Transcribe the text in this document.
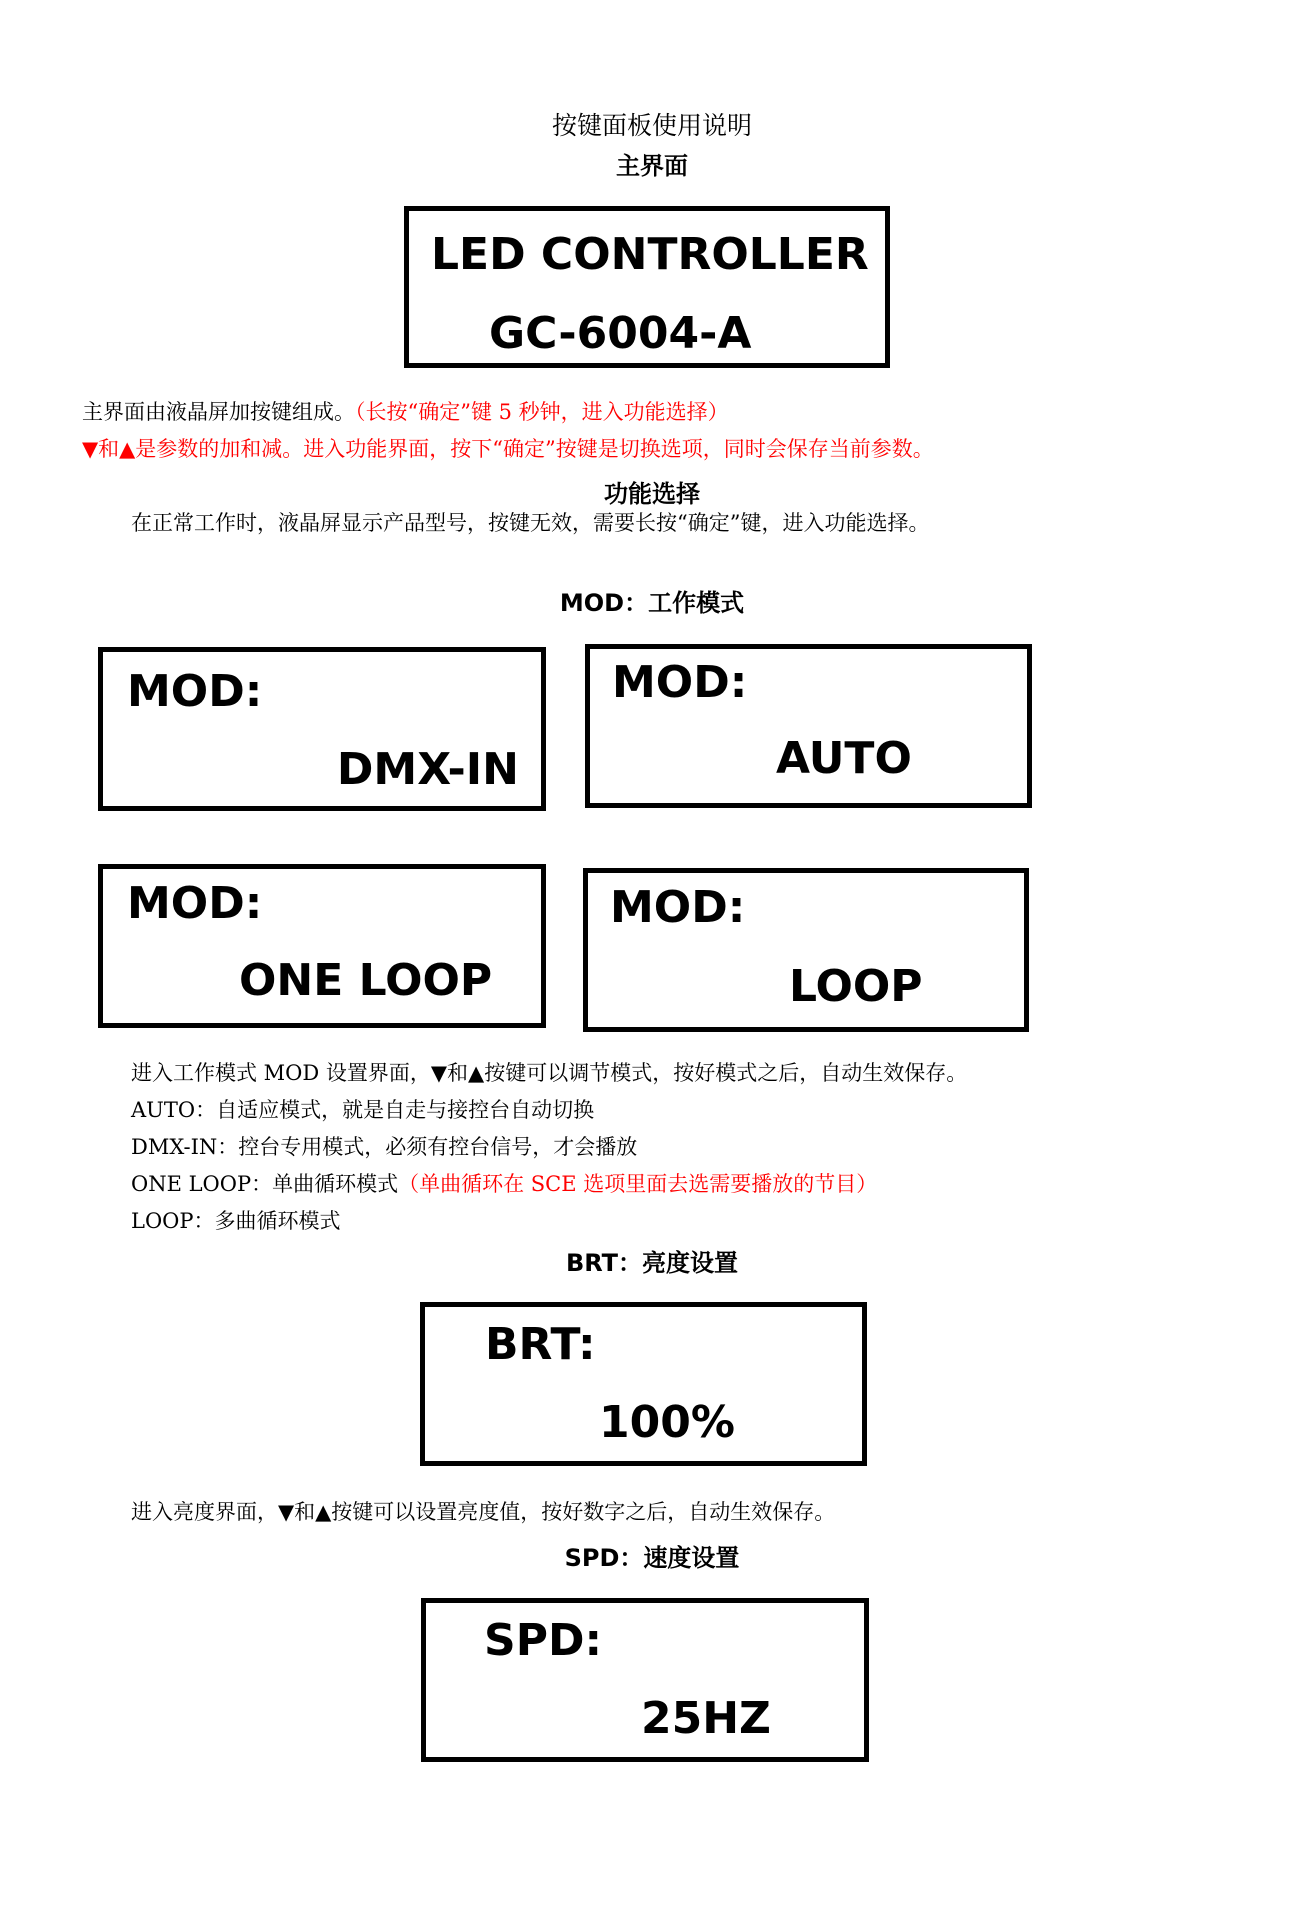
按键面板使用说明
主界面
LED CONTROLLER
GC-6004-A
主界面由液晶屏加按键组成。（长按“确定”键 5 秒钟，进入功能选择）
▼和▲是参数的加和减。进入功能界面，按下“确定”按键是切换选项，同时会保存当前参数。
功能选择
在正常工作时，液晶屏显示产品型号，按键无效，需要长按“确定”键，进入功能选择。
MOD：工作模式
MOD:
DMX-IN
MOD:
AUTO
MOD:
ONE LOOP
MOD:
LOOP
进入工作模式 MOD 设置界面，▼和▲按键可以调节模式，按好模式之后，自动生效保存。
AUTO：自适应模式，就是自走与接控台自动切换
DMX-IN：控台专用模式，必须有控台信号，才会播放
ONE LOOP：单曲循环模式（单曲循环在 SCE 选项里面去选需要播放的节目）
LOOP：多曲循环模式
BRT：亮度设置
BRT:
100%
进入亮度界面，▼和▲按键可以设置亮度值，按好数字之后，自动生效保存。
SPD：速度设置
SPD:
25HZ
